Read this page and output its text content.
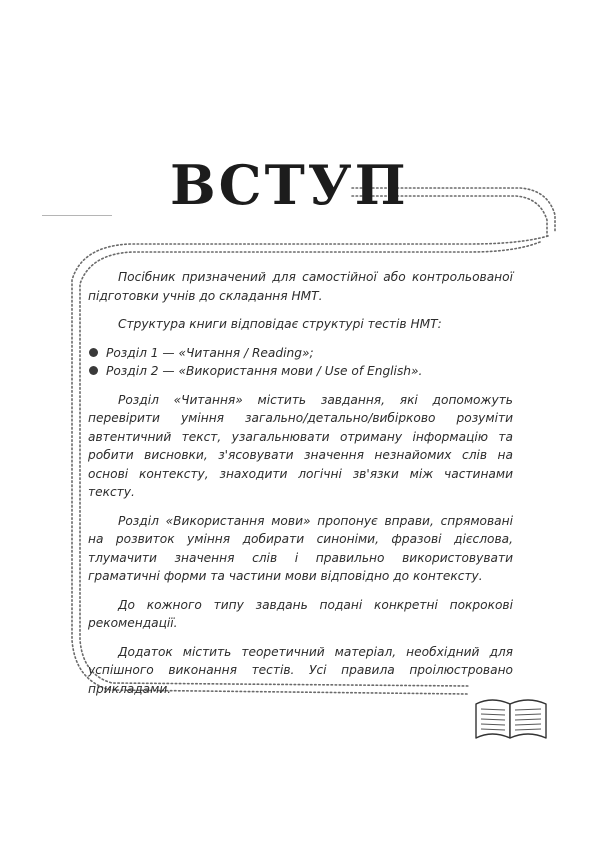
ВСТУП

Посібник призначений для самостійної або контрольованої підготовки учнів до складання НМТ.

Структура книги відповідає структурі тестів НМТ:

Розділ 1 — «Читання / Reading»;
Розділ 2 — «Використання мови / Use of English».

Розділ «Читання» містить завдання, які допоможуть перевірити уміння загально/детально/вибірково розуміти автентичний текст, узагальнювати отриману інформацію та робити висновки, з'ясовувати значення незнайомих слів на основі контексту, знаходити логічні зв'язки між частинами тексту.

Розділ «Використання мови» пропонує вправи, спрямовані на розвиток уміння добирати синоніми, фразові дієслова, тлумачити значення слів і правильно використовувати граматичні форми та частини мови відповідно до контексту.

До кожного типу завдань подані конкретні покрокові рекомендації.

Додаток містить теоретичний матеріал, необхідний для успішного виконання тестів. Усі правила проілюстровано прикладами.
